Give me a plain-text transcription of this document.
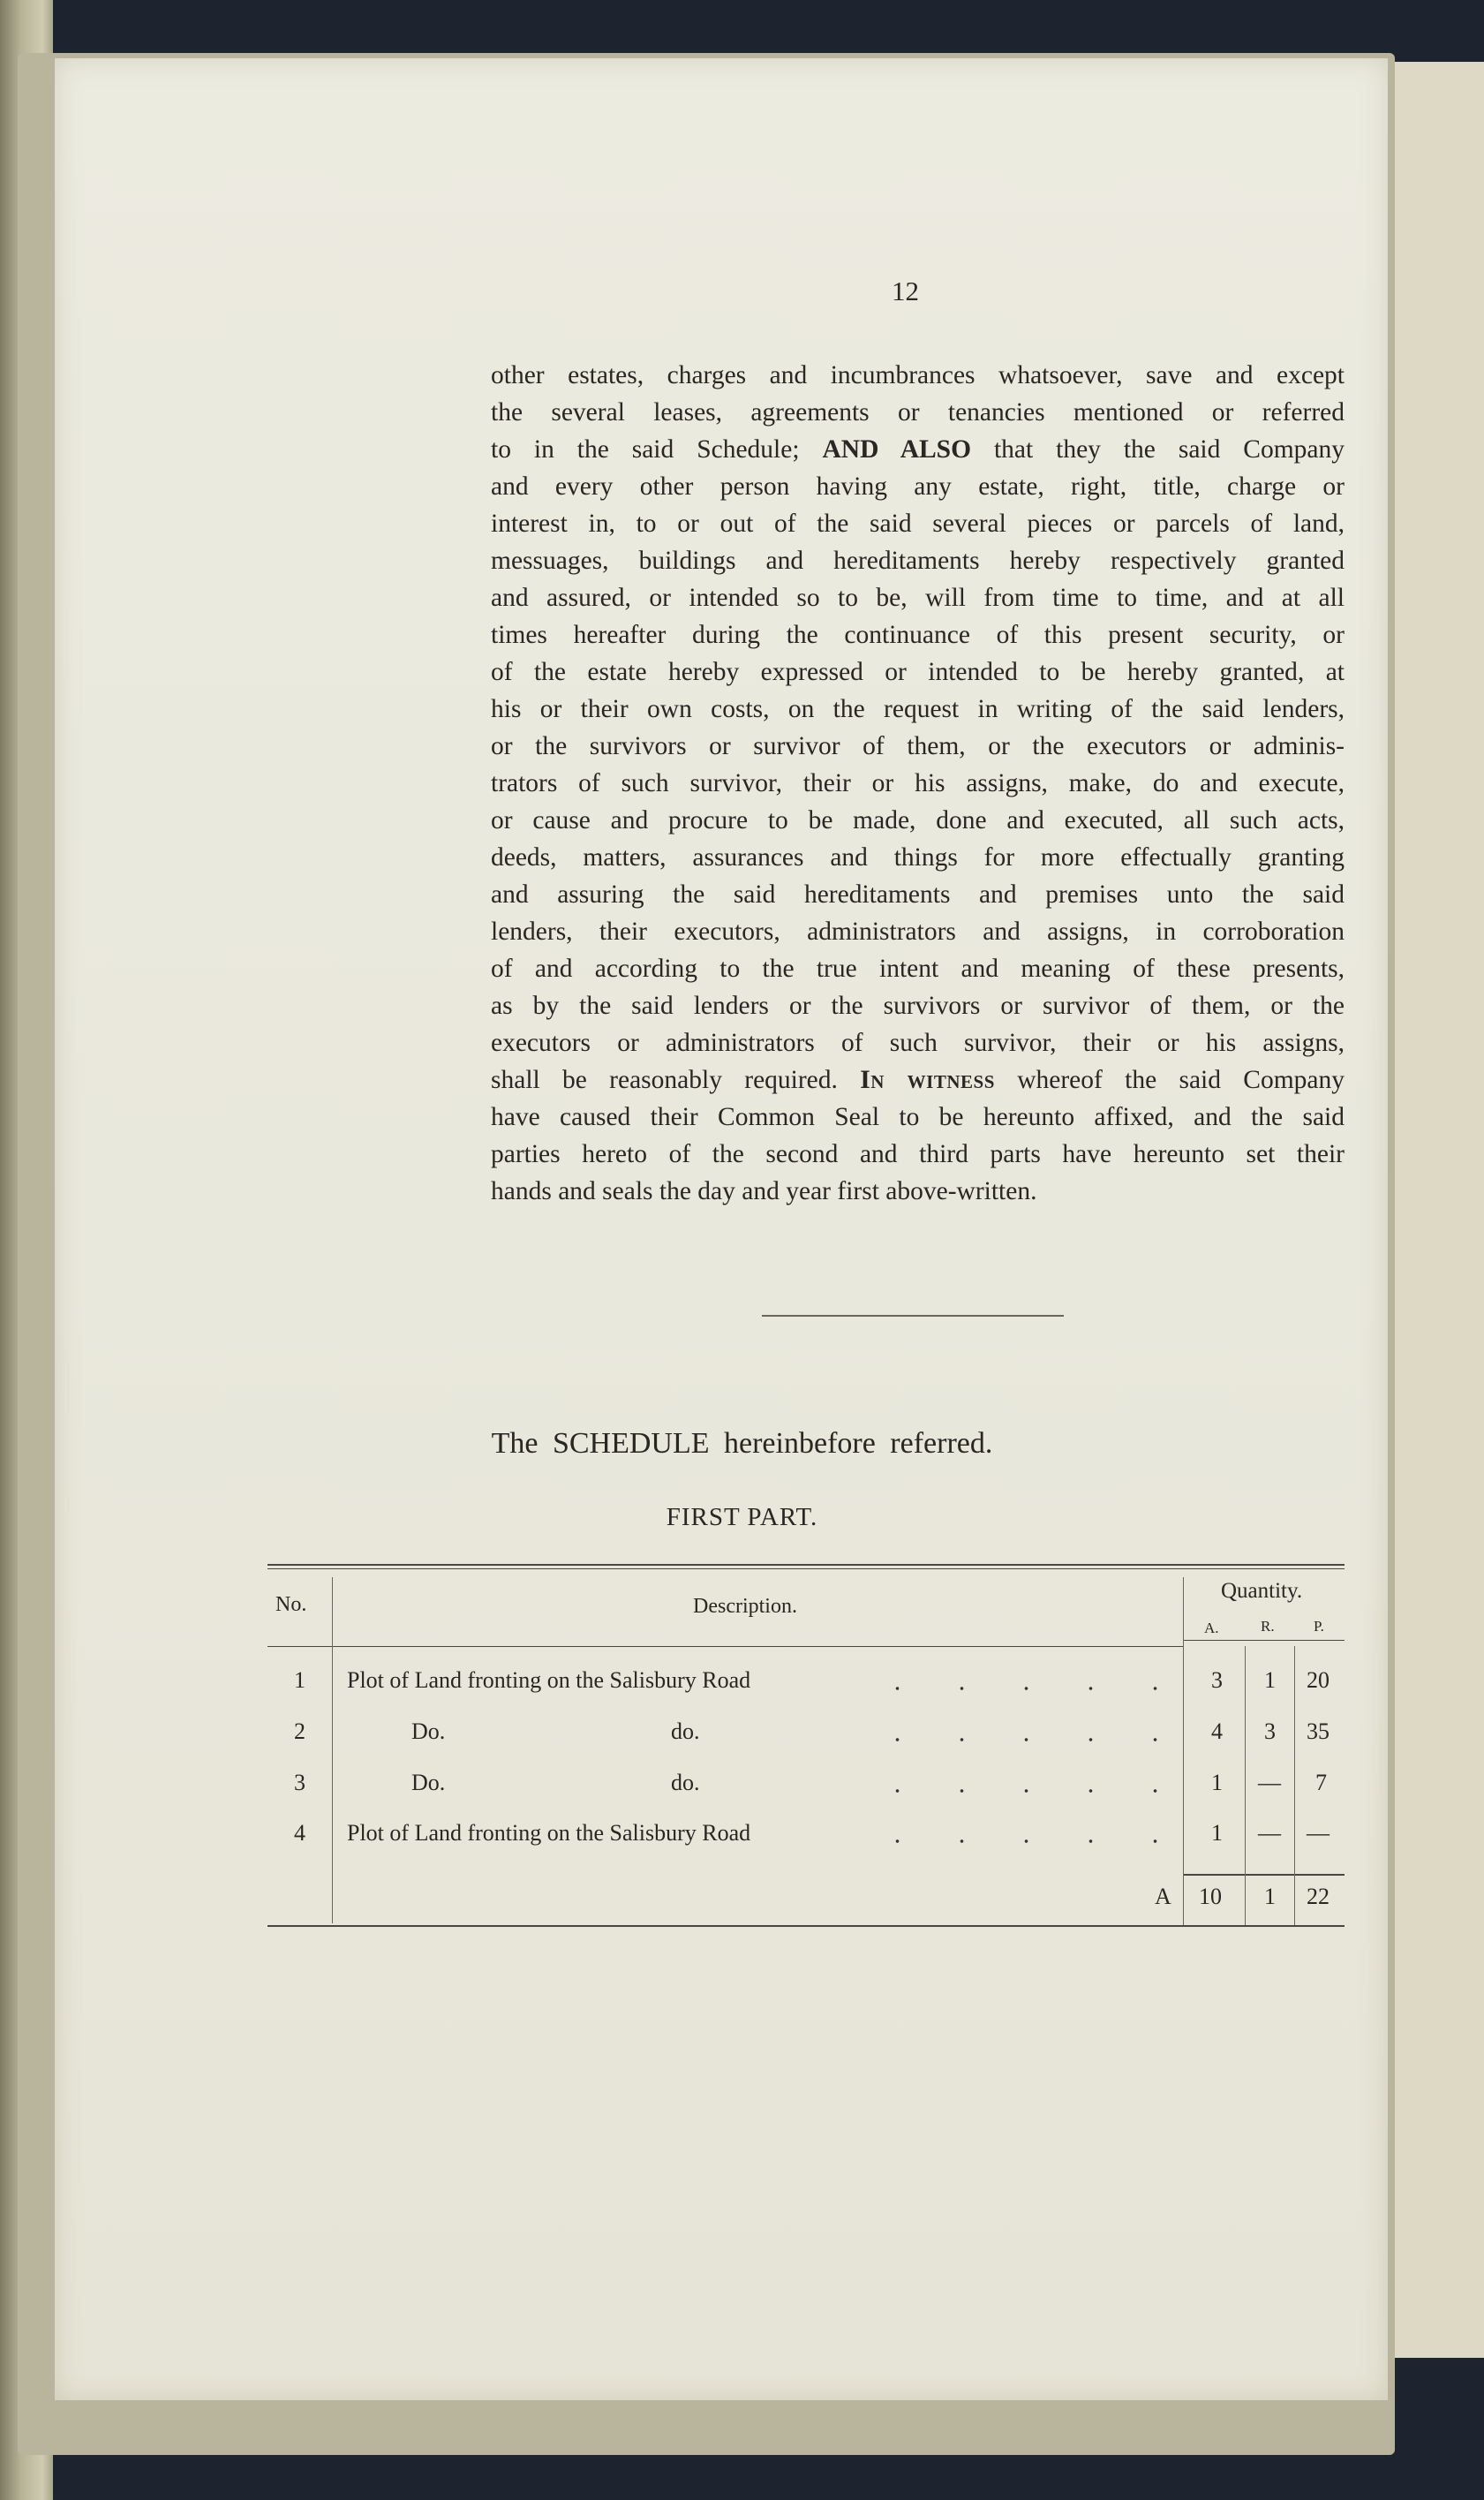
12
other estates, charges and incumbrances whatsoever, save and except
the several leases, agreements or tenancies mentioned or referred
to in the said Schedule; AND ALSO that they the said Company
and every other person having any estate, right, title, charge or
interest in, to or out of the said several pieces or parcels of land,
messuages, buildings and hereditaments hereby respectively granted
and assured, or intended so to be, will from time to time, and at all
times hereafter during the continuance of this present security, or
of the estate hereby expressed or intended to be hereby granted, at
his or their own costs, on the request in writing of the said lenders,
or the survivors or survivor of them, or the executors or adminis-
trators of such survivor, their or his assigns, make, do and execute,
or cause and procure to be made, done and executed, all such acts,
deeds, matters, assurances and things for more effectually granting
and assuring the said hereditaments and premises unto the said
lenders, their executors, administrators and assigns, in corroboration
of and according to the true intent and meaning of these presents,
as by the said lenders or the survivors or survivor of them, or the
executors or administrators of such survivor, their or his assigns,
shall be reasonably required. In witness whereof the said Company
have caused their Common Seal to be hereunto affixed, and the said
parties hereto of the second and third parts have hereunto set their
hands and seals the day and year first above-written.
The SCHEDULE hereinbefore referred.
FIRST PART.
No.	Description.
Quantity.
A.	R.	P.
1 Plot of Land fronting on the Salisbury Road	3 1 20
2	Do.	do.	4 3 35
3	Do.	do.	1 — 7
4 Plot of Land fronting on the Salisbury Road	1 — —
A 10 1 22
